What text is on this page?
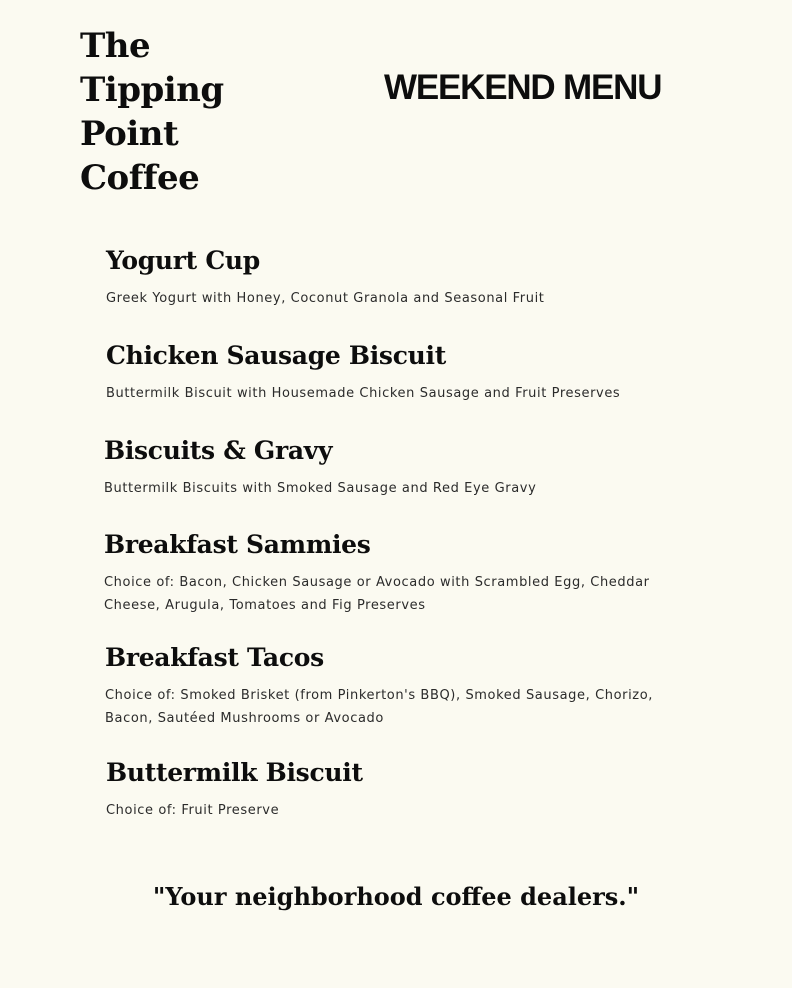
The
Tipping
Point
Coffee
WEEKEND MENU
Yogurt Cup
Greek Yogurt with Honey, Coconut Granola and Seasonal Fruit
Chicken Sausage Biscuit
Buttermilk Biscuit with Housemade Chicken Sausage and Fruit Preserves
Biscuits & Gravy
Buttermilk Biscuits with Smoked Sausage and Red Eye Gravy
Breakfast Sammies
Choice of: Bacon, Chicken Sausage or Avocado with Scrambled Egg, Cheddar Cheese, Arugula, Tomatoes and Fig Preserves
Breakfast Tacos
Choice of: Smoked Brisket (from Pinkerton's BBQ), Smoked Sausage, Chorizo, Bacon, Sautéed Mushrooms or Avocado
Buttermilk Biscuit
Choice of: Fruit Preserve
"Your neighborhood coffee dealers."
